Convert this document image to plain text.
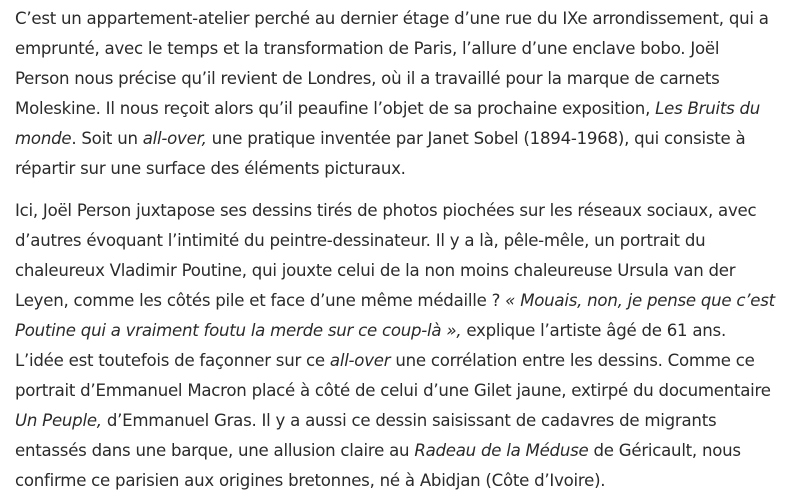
C’est un appartement-atelier perché au dernier étage d’une rue du IXe arrondissement, qui a
emprunté, avec le temps et la transformation de Paris, l’allure d’une enclave bobo. Joël
Person nous précise qu’il revient de Londres, où il a travaillé pour la marque de carnets
Moleskine. Il nous reçoit alors qu’il peaufine l’objet de sa prochaine exposition, Les Bruits du
monde. Soit un all-over, une pratique inventée par Janet Sobel (1894-1968), qui consiste à
répartir sur une surface des éléments picturaux.

Ici, Joël Person juxtapose ses dessins tirés de photos piochées sur les réseaux sociaux, avec
d’autres évoquant l’intimité du peintre-dessinateur. Il y a là, pêle-mêle, un portrait du
chaleureux Vladimir Poutine, qui jouxte celui de la non moins chaleureuse Ursula van der
Leyen, comme les côtés pile et face d’une même médaille ? « Mouais, non, je pense que c’est
Poutine qui a vraiment foutu la merde sur ce coup-là », explique l’artiste âgé de 61 ans.
L’idée est toutefois de façonner sur ce all-over une corrélation entre les dessins. Comme ce
portrait d’Emmanuel Macron placé à côté de celui d’une Gilet jaune, extirpé du documentaire
Un Peuple, d’Emmanuel Gras. Il y a aussi ce dessin saisissant de cadavres de migrants
entassés dans une barque, une allusion claire au Radeau de la Méduse de Géricault, nous
confirme ce parisien aux origines bretonnes, né à Abidjan (Côte d’Ivoire).
